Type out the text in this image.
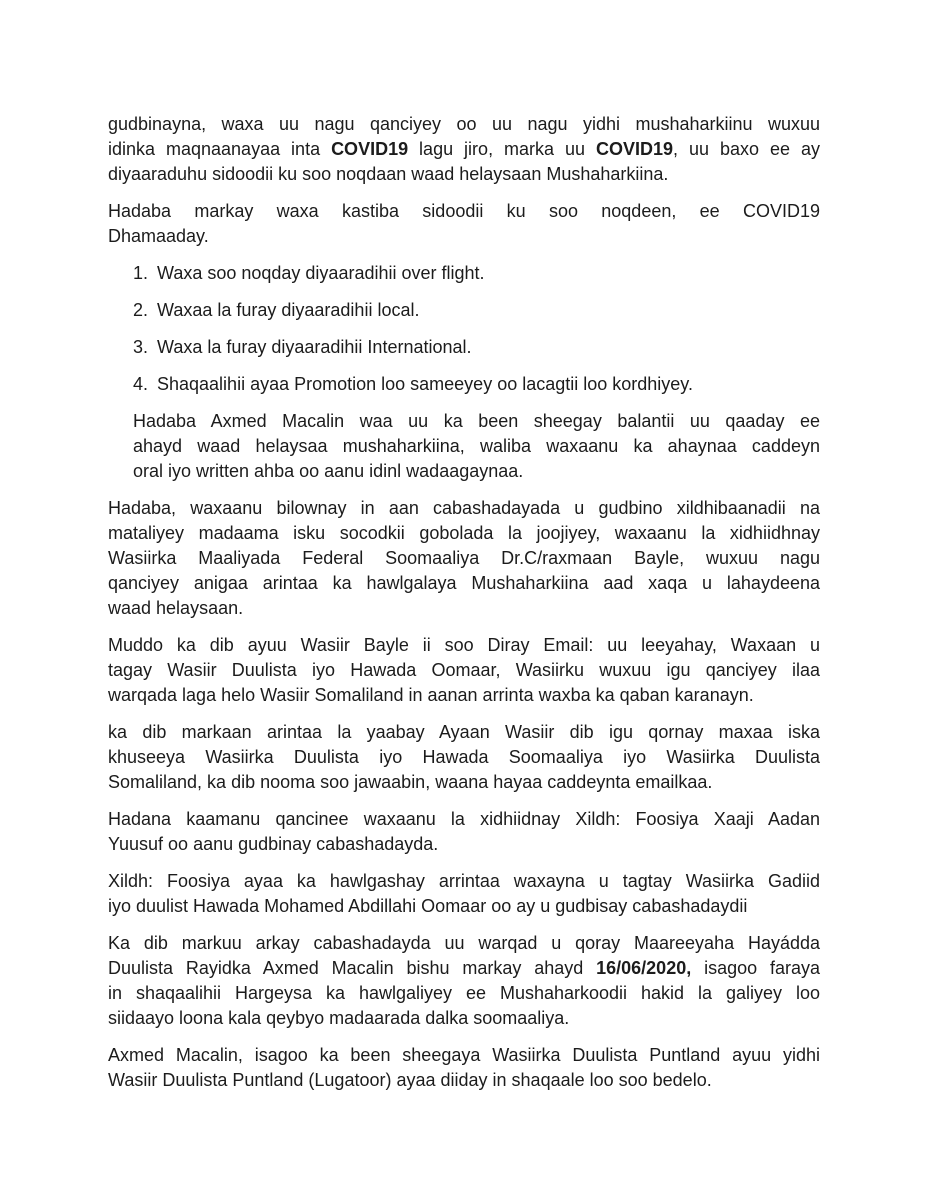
gudbinayna, waxa uu nagu qanciyey oo uu nagu yidhi mushaharkiinu wuxuu
idinka maqnaanayaa inta COVID19 lagu jiro, marka uu COVID19, uu baxo ee ay
diyaaraduhu sidoodii ku soo noqdaan waad helaysaan Mushaharkiina.
Hadaba markay waxa kastiba sidoodii ku soo noqdeen, ee COVID19
Dhamaaday.
1. Waxa soo noqday diyaaradihii over flight.
2. Waxaa la furay diyaaradihii local.
3. Waxa la furay diyaaradihii International.
4. Shaqaalihii ayaa Promotion loo sameeyey oo lacagtii loo kordhiyey.
Hadaba Axmed Macalin waa uu ka been sheegay balantii uu qaaday ee
ahayd waad helaysaa mushaharkiina, waliba waxaanu ka ahaynaa caddeyn
oral iyo written ahba oo aanu idinl wadaagaynaa.
Hadaba, waxaanu bilownay in aan cabashadayada u gudbino xildhibaanadii na
mataliyey madaama isku socodkii gobolada la joojiyey, waxaanu la xidhiidhnay
Wasiirka Maaliyada Federal Soomaaliya Dr.C/raxmaan Bayle, wuxuu nagu
qanciyey anigaa arintaa ka hawlgalaya Mushaharkiina aad xaqa u lahaydeena
waad helaysaan.
Muddo ka dib ayuu Wasiir Bayle ii soo Diray Email: uu leeyahay, Waxaan u
tagay Wasiir Duulista iyo Hawada Oomaar, Wasiirku wuxuu igu qanciyey ilaa
warqada laga helo Wasiir Somaliland in aanan arrinta waxba ka qaban karanayn.
ka dib markaan arintaa la yaabay Ayaan Wasiir dib igu qornay maxaa iska
khuseeya Wasiirka Duulista iyo Hawada Soomaaliya iyo Wasiirka Duulista
Somaliland, ka dib nooma soo jawaabin, waana hayaa caddeynta emailkaa.
Hadana kaamanu qancinee waxaanu la xidhiidnay Xildh: Foosiya Xaaji Aadan
Yuusuf oo aanu gudbinay cabashadayda.
Xildh: Foosiya ayaa ka hawlgashay arrintaa waxayna u tagtay Wasiirka Gadiid
iyo duulist Hawada Mohamed Abdillahi Oomaar oo ay u gudbisay cabashadaydii
Ka dib markuu arkay cabashadayda uu warqad u qoray Maareeyaha Hayádda
Duulista Rayidka Axmed Macalin bishu markay ahayd 16/06/2020, isagoo faraya
in shaqaalihii Hargeysa ka hawlgaliyey ee Mushaharkoodii hakid la galiyey loo
siidaayo loona kala qeybyo madaarada dalka soomaaliya.
Axmed Macalin, isagoo ka been sheegaya Wasiirka Duulista Puntland ayuu yidhi
Wasiir Duulista Puntland (Lugatoor) ayaa diiday in shaqaale loo soo bedelo.
